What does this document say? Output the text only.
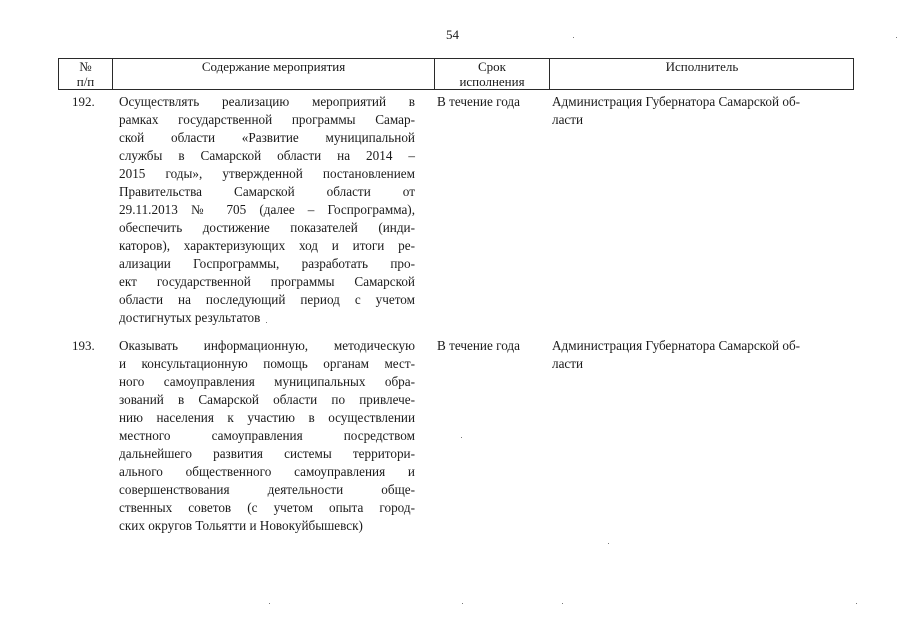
54
№
п/п
Содержание мероприятия	Срок
исполнения
Исполнитель
192. Осуществлять реализацию мероприятий в
рамках государственной программы Самар-
ской области «Развитие муниципальной
службы в Самарской области на 2014 –
2015 годы», утвержденной постановлением
Правительства Самарской области от
29.11.2013 № 705 (далее – Госпрограмма),
обеспечить достижение показателей (инди-
каторов), характеризующих ход и итоги ре-
ализации Госпрограммы, разработать про-
ект государственной программы Самарской
области на последующий период с учетом
достигнутых результатов
В течение года Администрация Губернатора Самарской об-
ласти
193. Оказывать информационную, методическую
и консультационную помощь органам мест-
ного самоуправления муниципальных обра-
зований в Самарской области по привлече-
нию населения к участию в осуществлении
местного самоуправления посредством
дальнейшего развития системы территори-
ального общественного самоуправления и
совершенствования деятельности обще-
ственных советов (с учетом опыта город-
ских округов Тольятти и Новокуйбышевск)
В течение года Администрация Губернатора Самарской об-
ласти
